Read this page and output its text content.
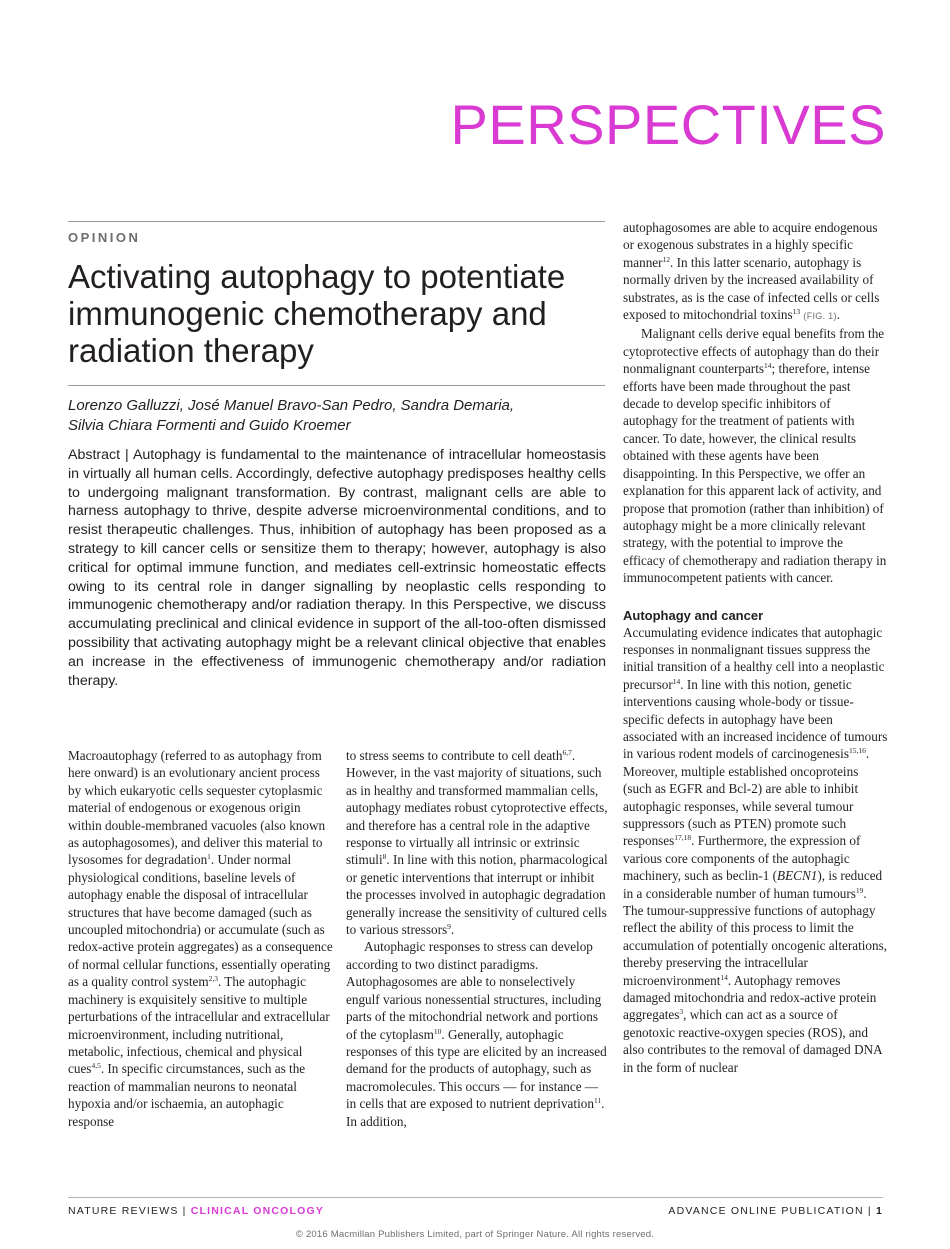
PERSPECTIVES
OPINION
Activating autophagy to potentiate immunogenic chemotherapy and radiation therapy
Lorenzo Galluzzi, José Manuel Bravo-San Pedro, Sandra Demaria,
Silvia Chiara Formenti and Guido Kroemer

Abstract | Autophagy is fundamental to the maintenance of intracellular homeostasis in virtually all human cells. Accordingly, defective autophagy predisposes healthy cells to undergoing malignant transformation. By contrast, malignant cells are able to harness autophagy to thrive, despite adverse microenvironmental conditions, and to resist therapeutic challenges. Thus, inhibition of autophagy has been proposed as a strategy to kill cancer cells or sensitize them to therapy; however, autophagy is also critical for optimal immune function, and mediates cell-extrinsic homeostatic effects owing to its central role in danger signalling by neoplastic cells responding to immunogenic chemotherapy and/or radiation therapy. In this Perspective, we discuss accumulating preclinical and clinical evidence in support of the all-too-often dismissed possibility that activating autophagy might be a relevant clinical objective that enables an increase in the effectiveness of immunogenic chemotherapy and/or radiation therapy.

Macroautophagy (referred to as autophagy from here onward) is an evolutionary ancient process by which eukaryotic cells sequester cytoplasmic material of endogenous or exogenous origin within double-membraned vacuoles (also known as autophagosomes), and deliver this material to lysosomes for degradation$^1$. Under normal physiological conditions, baseline levels of autophagy enable the disposal of intracellular structures that have become damaged (such as uncoupled mitochondria) or accumulate (such as redox-active protein aggregates) as a consequence of normal cellular functions, essentially operating as a quality control system$^{2,3}$. The autophagic machinery is exquisitely sensitive to multiple perturbations of the intracellular and extracellular microenvironment, including nutritional, metabolic, infectious, chemical and physical cues$^{4,5}$. In specific circumstances, such as the reaction of mammalian neurons to neonatal hypoxia and/or ischaemia, an autophagic response

to stress seems to contribute to cell death$^{6,7}$. However, in the vast majority of situations, such as in healthy and transformed mammalian cells, autophagy mediates robust cytoprotective effects, and therefore has a central role in the adaptive response to virtually all intrinsic or extrinsic stimuli$^8$. In line with this notion, pharmacological or genetic interventions that interrupt or inhibit the processes involved in autophagic degradation generally increase the sensitivity of cultured cells to various stressors$^9$.

Autophagic responses to stress can develop according to two distinct paradigms. Autophagosomes are able to nonselectively engulf various nonessential structures, including parts of the mitochondrial network and portions of the cytoplasm$^{10}$. Generally, autophagic responses of this type are elicited by an increased demand for the products of autophagy, such as macromolecules. This occurs — for instance — in cells that are exposed to nutrient deprivation$^{11}$. In addition,

autophagosomes are able to acquire endogenous or exogenous substrates in a highly specific manner$^{12}$. In this latter scenario, autophagy is normally driven by the increased availability of substrates, as is the case of infected cells or cells exposed to mitochondrial toxins$^{13}$ (FIG. 1).

Malignant cells derive equal benefits from the cytoprotective effects of autophagy than do their nonmalignant counterparts$^{14}$; therefore, intense efforts have been made throughout the past decade to develop specific inhibitors of autophagy for the treatment of patients with cancer. To date, however, the clinical results obtained with these agents have been disappointing. In this Perspective, we offer an explanation for this apparent lack of activity, and propose that promotion (rather than inhibition) of autophagy might be a more clinically relevant strategy, with the potential to improve the efficacy of chemotherapy and radiation therapy in immunocompetent patients with cancer.

Autophagy and cancer

Accumulating evidence indicates that autophagic responses in nonmalignant tissues suppress the initial transition of a healthy cell into a neoplastic precursor$^{14}$. In line with this notion, genetic interventions causing whole-body or tissue-specific defects in autophagy have been associated with an increased incidence of tumours in various rodent models of carcinogenesis$^{15,16}$. Moreover, multiple established oncoproteins (such as EGFR and Bcl-2) are able to inhibit autophagic responses, while several tumour suppressors (such as PTEN) promote such responses$^{17,18}$. Furthermore, the expression of various core components of the autophagic machinery, such as beclin-1 (BECN1), is reduced in a considerable number of human tumours$^{19}$. The tumour-suppressive functions of autophagy reflect the ability of this process to limit the accumulation of potentially oncogenic alterations, thereby preserving the intracellular microenvironment$^{14}$. Autophagy removes damaged mitochondria and redox-active protein aggregates$^3$, which can act as a source of genotoxic reactive-oxygen species (ROS), and also contributes to the removal of damaged DNA in the form of nuclear

NATURE REVIEWS | CLINICAL ONCOLOGY	ADVANCE ONLINE PUBLICATION | 1
© 2016 Macmillan Publishers Limited, part of Springer Nature. All rights reserved.
